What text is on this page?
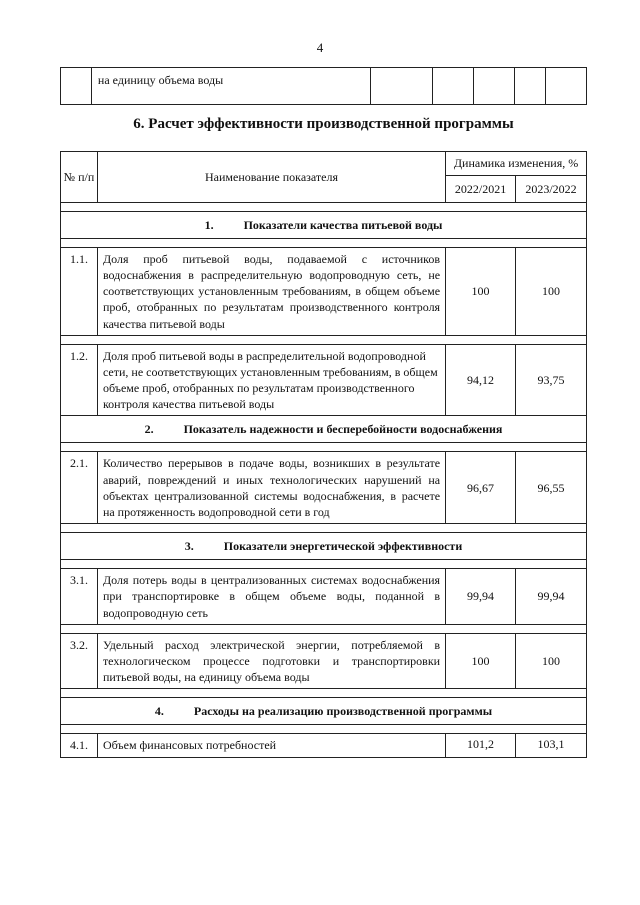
4
	на единицу объема воды					
6. Расчет эффективности производственной программы
№ п/п	Наименование показателя	Динамика изменения, %	
		2022/2021	2023/2022

1. Показатели качества питьевой воды			

1.1.	Доля проб питьевой воды, подаваемой с источников водоснабжения в распределительную водопроводную сеть, не соответствующих установленным требованиям, в общем объеме проб, отобранных по результатам производственного контроля качества питьевой воды	100	100

1.2.	Доля проб питьевой воды в распределительной водопроводной сети, не соответствующих установленным требованиям, в общем объеме проб, отобранных по результатам производственного контроля качества питьевой воды	94,12	93,75
2. Показатель надежности и бесперебойности водоснабжения			

2.1.	Количество перерывов в подаче воды, возникших в результате аварий, повреждений и иных технологических нарушений на объектах централизованной системы водоснабжения, в расчете на протяженность водопроводной сети в год	96,67	96,55

3. Показатели энергетической эффективности			

3.1.	Доля потерь воды в централизованных системах водоснабжения при транспортировке в общем объеме воды, поданной в водопроводную сеть	99,94	99,94

3.2.	Удельный расход электрической энергии, потребляемой в технологическом процессе подготовки и транспортировки питьевой воды, на единицу объема воды	100	100

4. Расходы на реализацию производственной программы			

4.1.	Объем финансовых потребностей	101,2	103,1
